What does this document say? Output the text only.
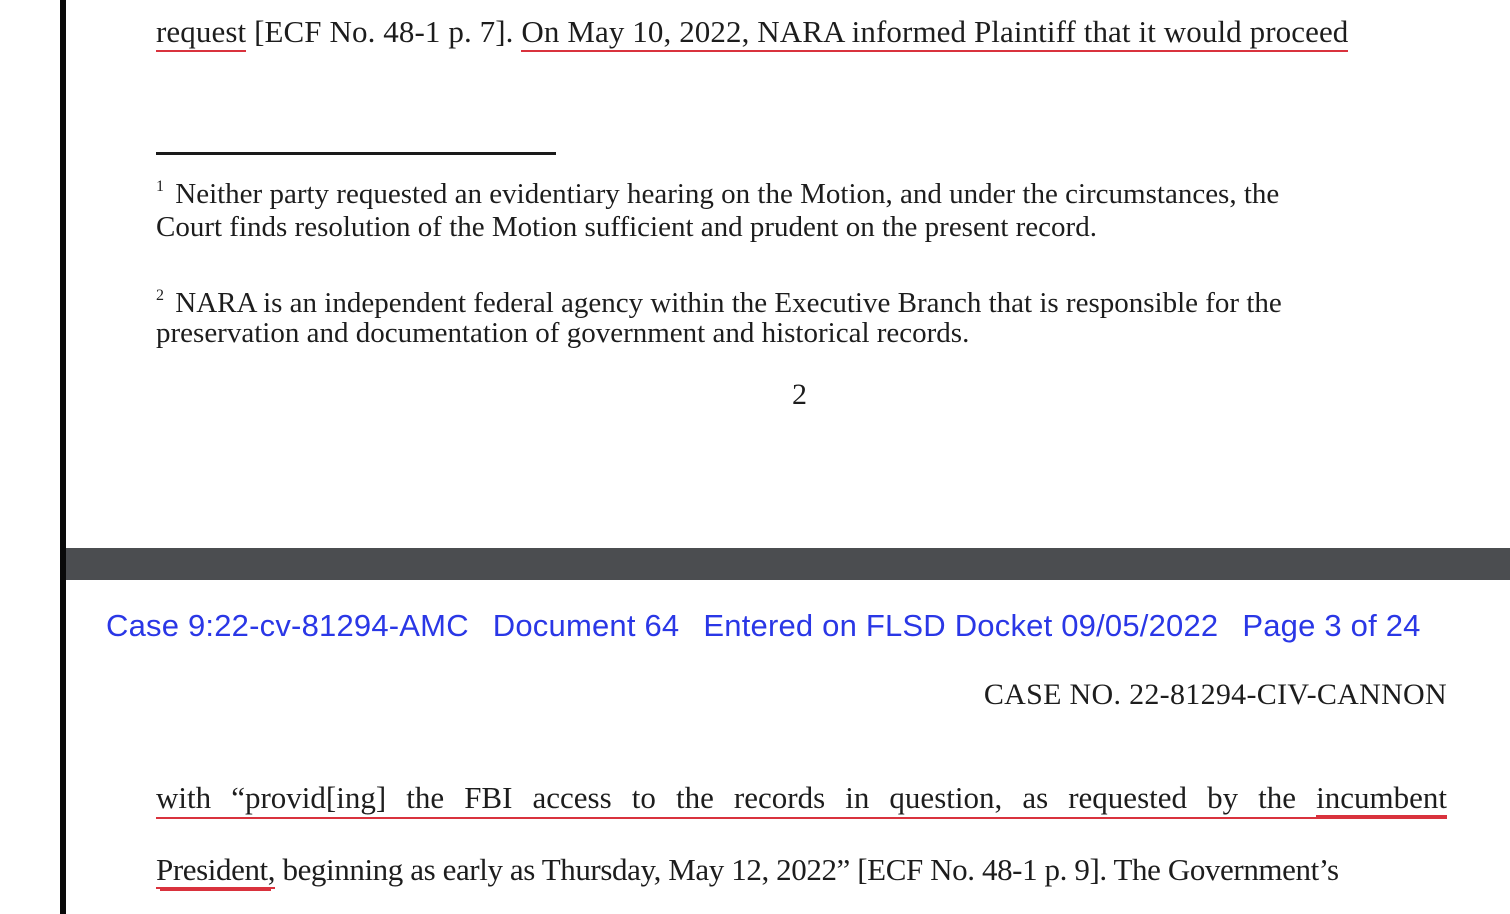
request [ECF No. 48-1 p. 7]. On May 10, 2022, NARA informed Plaintiff that it would proceed
$^1$ Neither party requested an evidentiary hearing on the Motion, and under the circumstances, the
Court finds resolution of the Motion sufficient and prudent on the present record.
$^2$ NARA is an independent federal agency within the Executive Branch that is responsible for the
preservation and documentation of government and historical records.
2
Case 9:22-cv-81294-AMC Document 64 Entered on FLSD Docket 09/05/2022 Page 3 of 24
CASE NO. 22-81294-CIV-CANNON
with “provid[ing] the FBI access to the records in question, as requested by the incumbent
President, beginning as early as Thursday, May 12, 2022” [ECF No. 48-1 p. 9]. The Government’s
